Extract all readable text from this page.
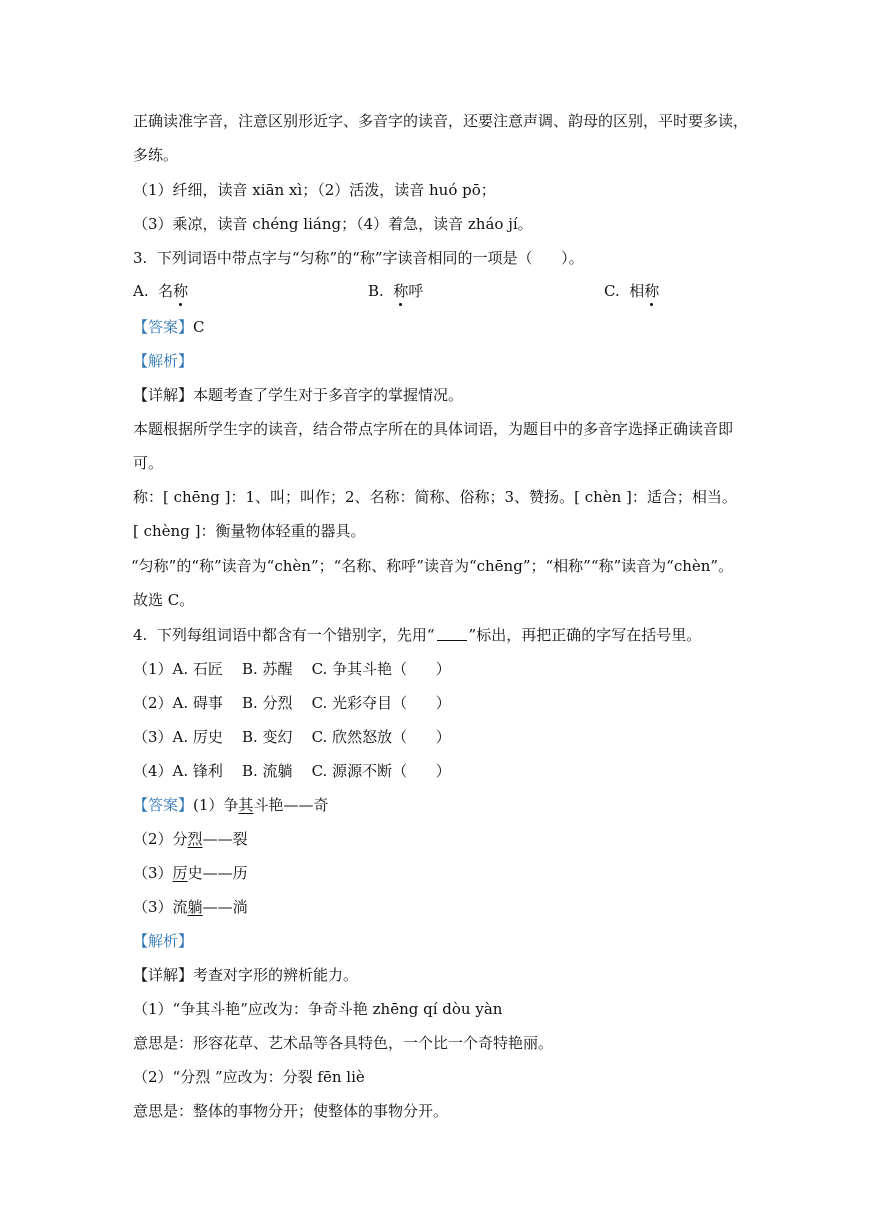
正确读准字音，注意区别形近字、多音字的读音，还要注意声调、韵母的区别，平时要多读，
多练。
（1）纤细，读音 xiān xì；（2）活泼，读音 huó pō；
（3）乘凉，读音 chéng liáng；（4）着急，读音 zháo jí。
3.  下列词语中带点字与“匀称”的“称”字读音相同的一项是（      ）。
A.  名称	B.  称呼	C.  相称
【答案】C
【解析】
【详解】本题考查了学生对于多音字的掌握情况。
本题根据所学生字的读音，结合带点字所在的具体词语，为题目中的多音字选择正确读音即
可。
称：[ chēng ]：1、叫；叫作；2、名称：简称、俗称；3、赞扬。[ chèn ]：适合；相当。
[ chèng ]：衡量物体轻重的器具。
“匀称”的“称”读音为“chèn”；“名称、称呼”读音为“chēng”；“相称”“称”读音为“chèn”。
故选 C。
4.  下列每组词语中都含有一个错别字，先用“ ”标出，再把正确的字写在括号里。
（1）A. 石匠    B. 苏醒    C. 争其斗艳（      ）
（2）A. 碍事    B. 分烈    C. 光彩夺目（      ）
（3）A. 厉史    B. 变幻    C. 欣然怒放（      ）
（4）A. 锋利    B. 流躺    C. 源源不断（      ）
【答案】(1）争其斗艳——奇
（2）分烈——裂
（3）厉史——历
（3）流躺——淌
【解析】
【详解】考查对字形的辨析能力。
（1）“争其斗艳”应改为：争奇斗艳 zhēng qí dòu yàn
意思是：形容花草、艺术品等各具特色，一个比一个奇特艳丽。
（2）“分烈 ”应改为：分裂 fēn liè
意思是：整体的事物分开；使整体的事物分开。
